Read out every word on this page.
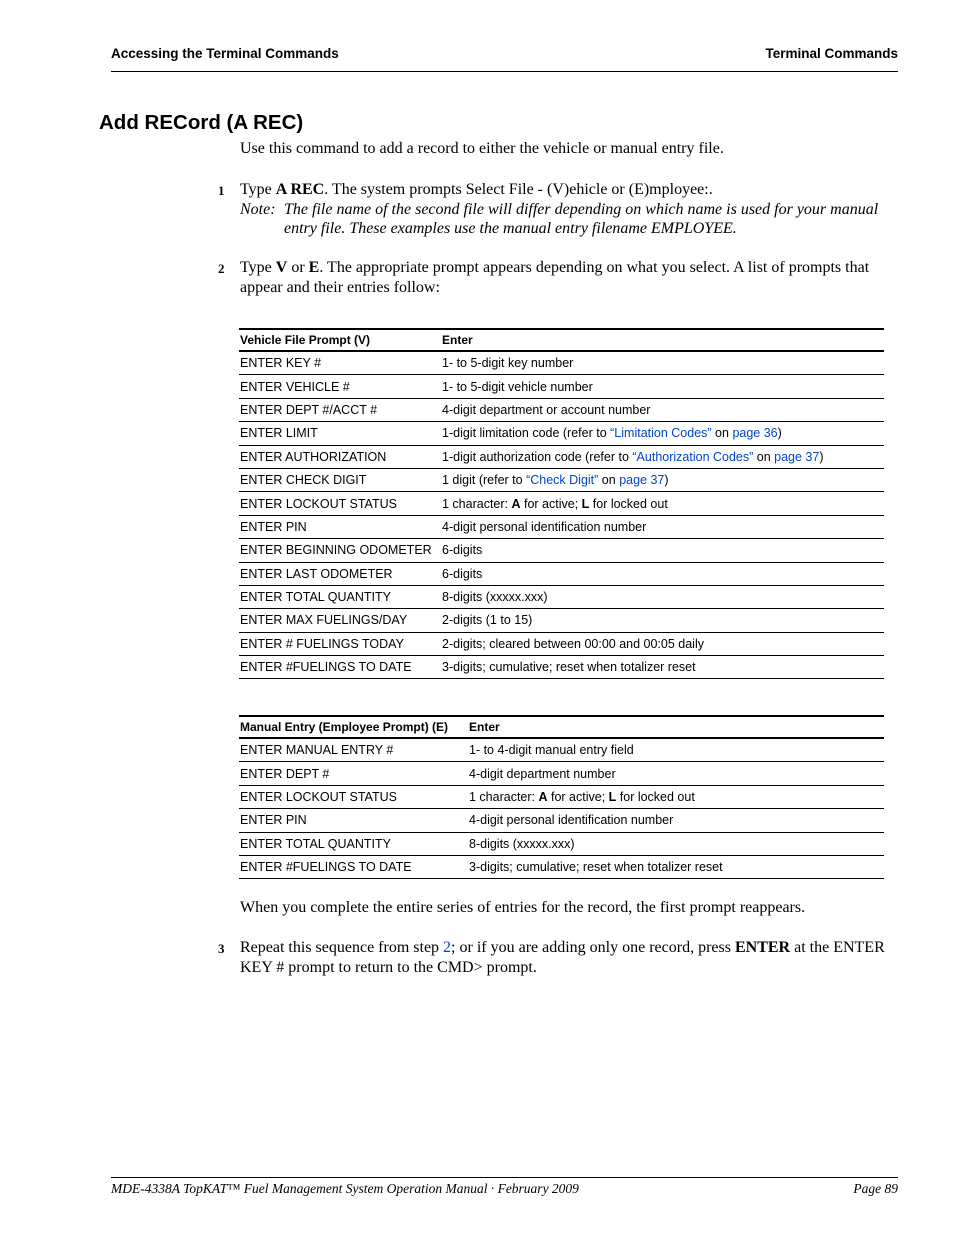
Accessing the Terminal Commands	Terminal Commands
Add RECord (A REC)

Use this command to add a record to either the vehicle or manual entry file.

1 Type A REC. The system prompts Select File - (V)ehicle or (E)mployee:.

Note: The file name of the second file will differ depending on which name is used for your manual entry file. These examples use the manual entry filename EMPLOYEE.
2 Type V or E. The appropriate prompt appears depending on what you select. A list of prompts that appear and their entries follow:

Vehicle File Prompt (V)	Enter
ENTER KEY #	1- to 5-digit key number
ENTER VEHICLE #	1- to 5-digit vehicle number
ENTER DEPT #/ACCT #	4-digit department or account number
ENTER LIMIT	1-digit limitation code (refer to “Limitation Codes” on page 36)
ENTER AUTHORIZATION	1-digit authorization code (refer to “Authorization Codes” on page 37)
ENTER CHECK DIGIT	1 digit (refer to “Check Digit” on page 37)
ENTER LOCKOUT STATUS	1 character: A for active; L for locked out
ENTER PIN	4-digit personal identification number
ENTER BEGINNING ODOMETER	6-digits
ENTER LAST ODOMETER	6-digits
ENTER TOTAL QUANTITY	8-digits (xxxxx.xxx)
ENTER MAX FUELINGS/DAY	2-digits (1 to 15)
ENTER # FUELINGS TODAY	2-digits; cleared between 00:00 and 00:05 daily
ENTER #FUELINGS TO DATE	3-digits; cumulative; reset when totalizer reset
Manual Entry (Employee Prompt) (E)	Enter
ENTER MANUAL ENTRY #	1- to 4-digit manual entry field
ENTER DEPT #	4-digit department number
ENTER LOCKOUT STATUS	1 character: A for active; L for locked out
ENTER PIN	4-digit personal identification number
ENTER TOTAL QUANTITY	8-digits (xxxxx.xxx)
ENTER #FUELINGS TO DATE	3-digits; cumulative; reset when totalizer reset

When you complete the entire series of entries for the record, the first prompt reappears.

3 Repeat this sequence from step 2; or if you are adding only one record, press ENTER at the ENTER KEY # prompt to return to the CMD> prompt.

MDE-4338A TopKAT™ Fuel Management System Operation Manual · February 2009	Page 89
